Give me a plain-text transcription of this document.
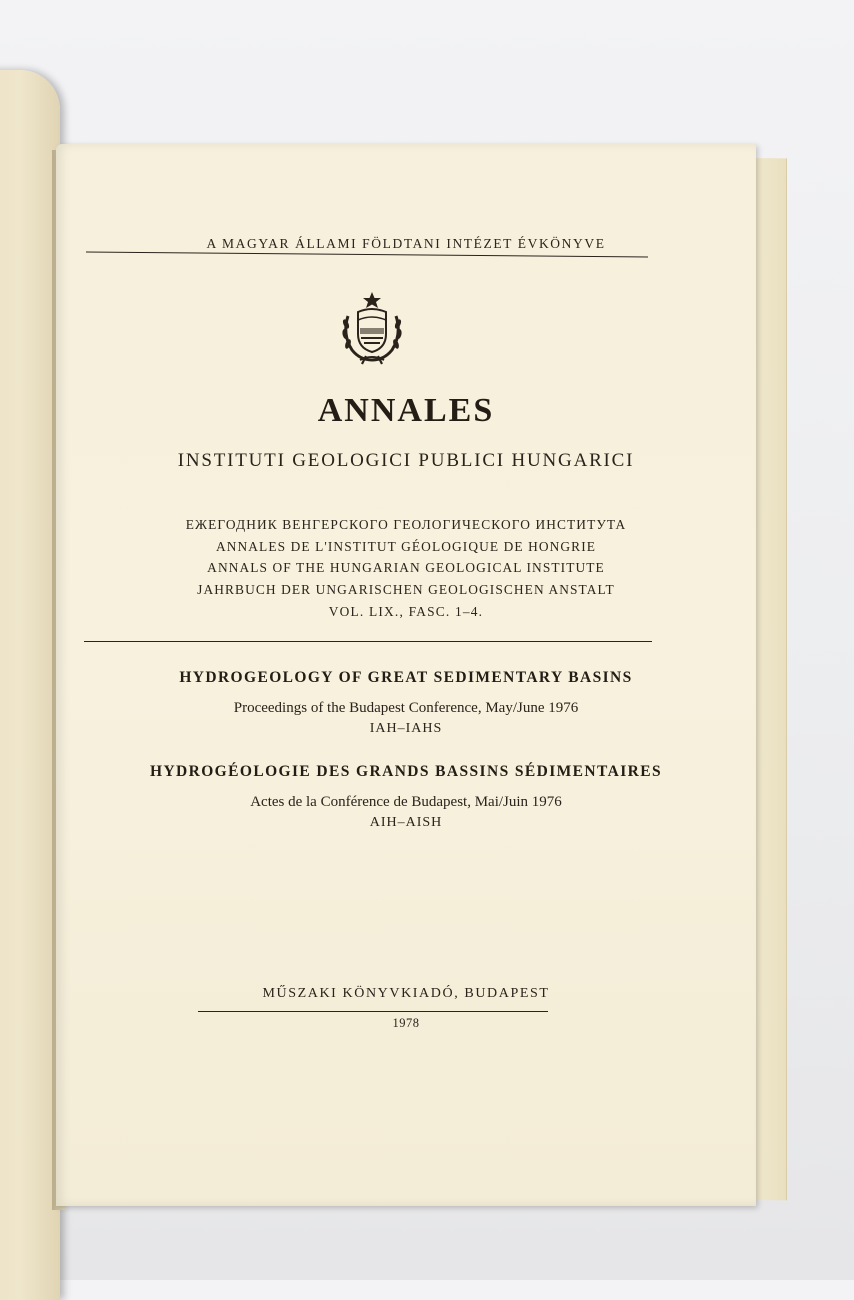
A MAGYAR ÁLLAMI FÖLDTANI INTÉZET ÉVKÖNYVE
ANNALES
INSTITUTI GEOLOGICI PUBLICI HUNGARICI
ЕЖЕГОДНИК ВЕНГЕРСКОГО ГЕОЛОГИЧЕСКОГО ИНСТИТУТА
ANNALES DE L'INSTITUT GÉOLOGIQUE DE HONGRIE
ANNALS OF THE HUNGARIAN GEOLOGICAL INSTITUTE
JAHRBUCH DER UNGARISCHEN GEOLOGISCHEN ANSTALT
VOL. LIX., FASC. 1–4.
HYDROGEOLOGY OF GREAT SEDIMENTARY BASINS
Proceedings of the Budapest Conference, May/June 1976
IAH–IAHS
HYDROGÉOLOGIE DES GRANDS BASSINS SÉDIMENTAIRES
Actes de la Conférence de Budapest, Mai/Juin 1976
AIH–AISH
MŰSZAKI KÖNYVKIADÓ, BUDAPEST
1978
